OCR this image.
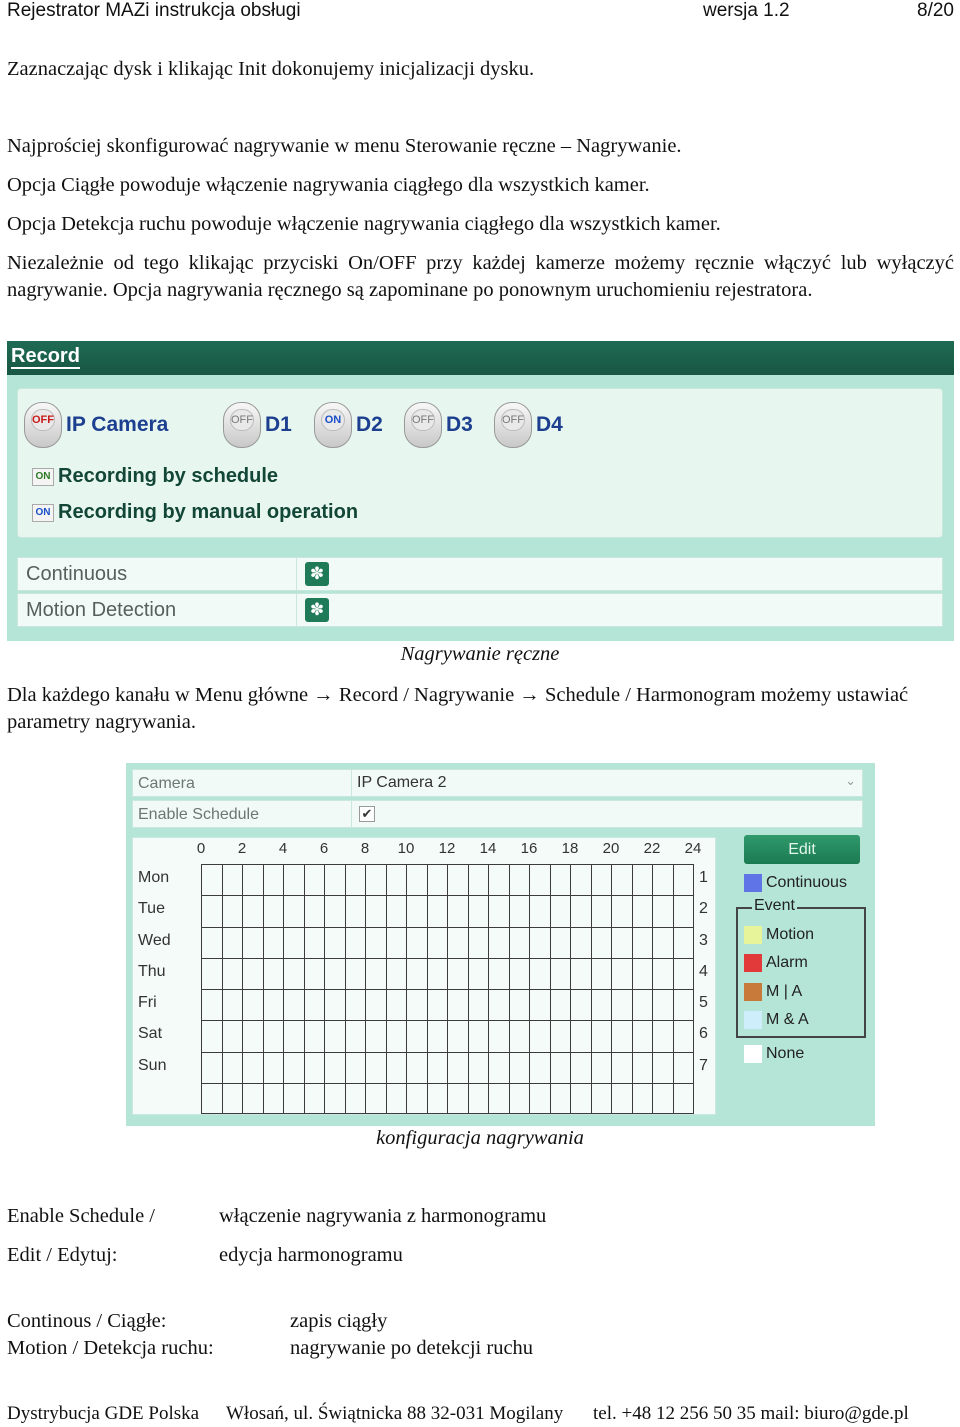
Rejestrator MAZi instrukcja obsługi	wersja 1.2	8/20

Zaznaczając dysk i klikając Init dokonujemy inicjalizacji dysku.

Najprościej skonfigurować nagrywanie w menu Sterowanie ręczne – Nagrywanie.

Opcja Ciągłe powoduje włączenie nagrywania ciągłego dla wszystkich kamer.

Opcja Detekcja ruchu powoduje włączenie nagrywania ciągłego dla wszystkich kamer.

Niezależnie od tego klikając przyciski On/OFF przy każdej kamerze możemy ręcznie włączyć lub wyłączyć nagrywanie. Opcja nagrywania ręcznego są zapominane po ponownym uruchomieniu rejestratora.

Record
OFF IP Camera	OFF D1	ON D2	OFF D3	OFF D4
ON Recording by schedule
ON Recording by manual operation
Continuous	✽
Motion Detection	✽
Nagrywanie ręczne

Dla każdego kanału w Menu główne → Record / Nagrywanie → Schedule / Harmonogram możemy ustawiać parametry nagrywania.

Camera	IP Camera 2	⌄
Enable Schedule	✔
0	2	4	6	8	10	12	14	16	18	20	22	24
Mon	1
Tue	2
Wed	3
Thu	4
Fri	5
Sat	6
Sun	7
Edit
Event
Continuous
Motion
Alarm
M | A
M & A
None
konfiguracja nagrywania
Enable Schedule /	włączenie nagrywania z harmonogramu
Edit / Edytuj:	edycja harmonogramu
Continous / Ciągłe:	zapis ciągły
Motion / Detekcja ruchu:	nagrywanie po detekcji ruchu
Dystrybucja GDE Polska Włosań, ul. Świątnicka 88 32-031 Mogilany tel. +48 12 256 50 35 mail: biuro@gde.pl
